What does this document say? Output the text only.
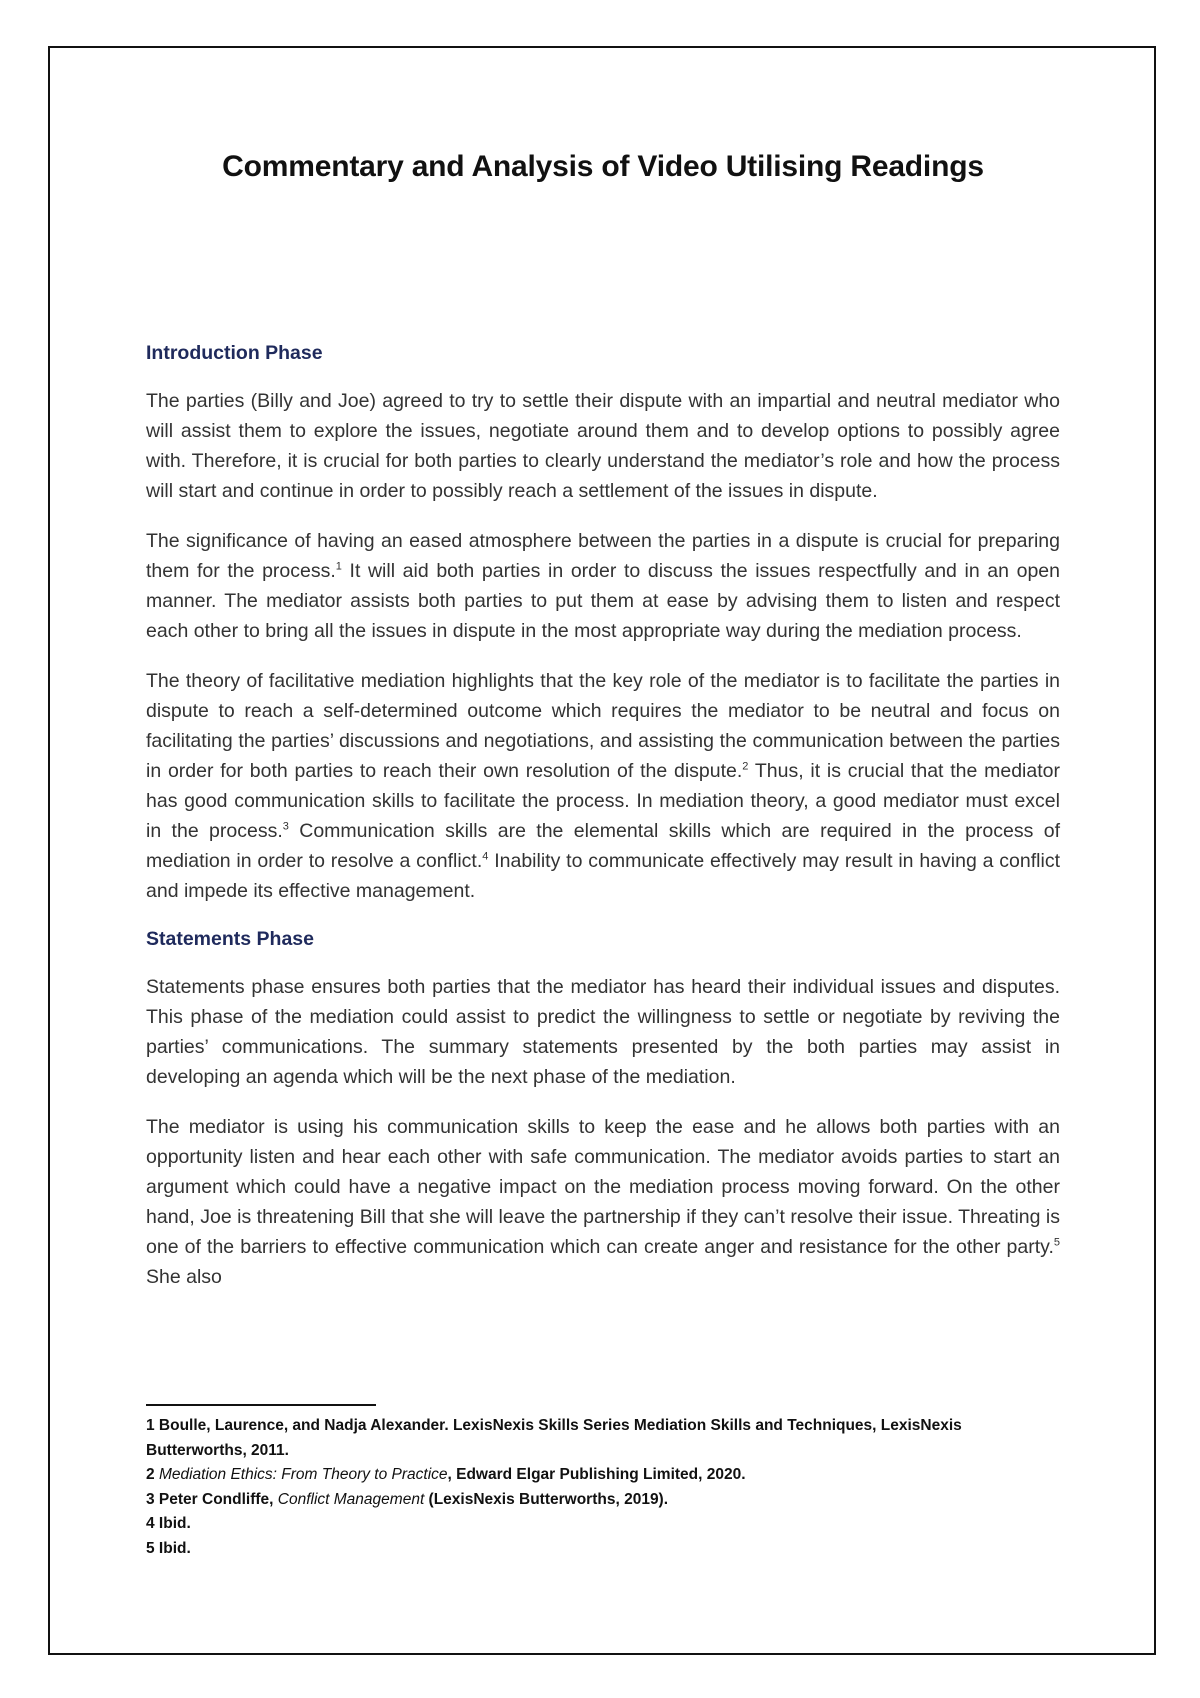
Commentary and Analysis of Video Utilising Readings
Introduction Phase

The parties (Billy and Joe) agreed to try to settle their dispute with an impartial and neutral mediator who will assist them to explore the issues, negotiate around them and to develop options to possibly agree with. Therefore, it is crucial for both parties to clearly understand the mediator’s role and how the process will start and continue in order to possibly reach a settlement of the issues in dispute.

The significance of having an eased atmosphere between the parties in a dispute is crucial for preparing them for the process.$^1$ It will aid both parties in order to discuss the issues respectfully and in an open manner. The mediator assists both parties to put them at ease by advising them to listen and respect each other to bring all the issues in dispute in the most appropriate way during the mediation process.

The theory of facilitative mediation highlights that the key role of the mediator is to facilitate the parties in dispute to reach a self-determined outcome which requires the mediator to be neutral and focus on facilitating the parties’ discussions and negotiations, and assisting the communication between the parties in order for both parties to reach their own resolution of the dispute.$^2$ Thus, it is crucial that the mediator has good communication skills to facilitate the process. In mediation theory, a good mediator must excel in the process.$^3$ Communication skills are the elemental skills which are required in the process of mediation in order to resolve a conflict.$^4$ Inability to communicate effectively may result in having a conflict and impede its effective management.

Statements Phase

Statements phase ensures both parties that the mediator has heard their individual issues and disputes. This phase of the mediation could assist to predict the willingness to settle or negotiate by reviving the parties’ communications. The summary statements presented by the both parties may assist in developing an agenda which will be the next phase of the mediation.

The mediator is using his communication skills to keep the ease and he allows both parties with an opportunity listen and hear each other with safe communication. The mediator avoids parties to start an argument which could have a negative impact on the mediation process moving forward. On the other hand, Joe is threatening Bill that she will leave the partnership if they can’t resolve their issue. Threating is one of the barriers to effective communication which can create anger and resistance for the other party.$^5$ She also

1 Boulle, Laurence, and Nadja Alexander. LexisNexis Skills Series Mediation Skills and Techniques, LexisNexis Butterworths, 2011.

2 Mediation Ethics: From Theory to Practice, Edward Elgar Publishing Limited, 2020.

3 Peter Condliffe, Conflict Management (LexisNexis Butterworths, 2019).

4 Ibid.

5 Ibid.
